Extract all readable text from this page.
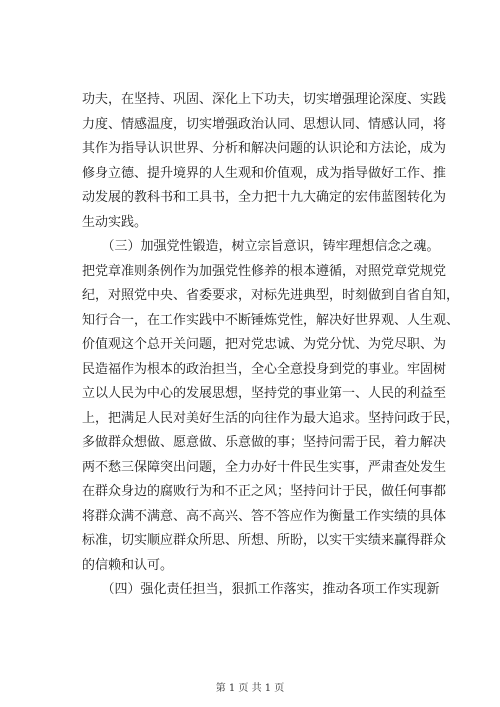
功夫，在坚持、巩固、深化上下功夫，切实增强理论深度、实践
力度、情感温度，切实增强政治认同、思想认同、情感认同，将
其作为指导认识世界、分析和解决问题的认识论和方法论，成为
修身立德、提升境界的人生观和价值观，成为指导做好工作、推
动发展的教科书和工具书，全力把十九大确定的宏伟蓝图转化为
生动实践。
　　（三）加强党性锻造，树立宗旨意识，铸牢理想信念之魂。
把党章准则条例作为加强党性修养的根本遵循，对照党章党规党
纪，对照党中央、省委要求，对标先进典型，时刻做到自省自知，
知行合一，在工作实践中不断锤炼党性，解决好世界观、人生观、
价值观这个总开关问题，把对党忠诚、为党分忧、为党尽职、为
民造福作为根本的政治担当，全心全意投身到党的事业。牢固树
立以人民为中心的发展思想，坚持党的事业第一、人民的利益至
上，把满足人民对美好生活的向往作为最大追求。坚持问政于民，
多做群众想做、愿意做、乐意做的事；坚持问需于民，着力解决
两不愁三保障突出问题，全力办好十件民生实事，严肃查处发生
在群众身边的腐败行为和不正之风；坚持问计于民，做任何事都
将群众满不满意、高不高兴、答不答应作为衡量工作实绩的具体
标准，切实顺应群众所思、所想、所盼，以实干实绩来赢得群众
的信赖和认可。
　　（四）强化责任担当，狠抓工作落实，推动各项工作实现新
第 1 页 共 1 页
